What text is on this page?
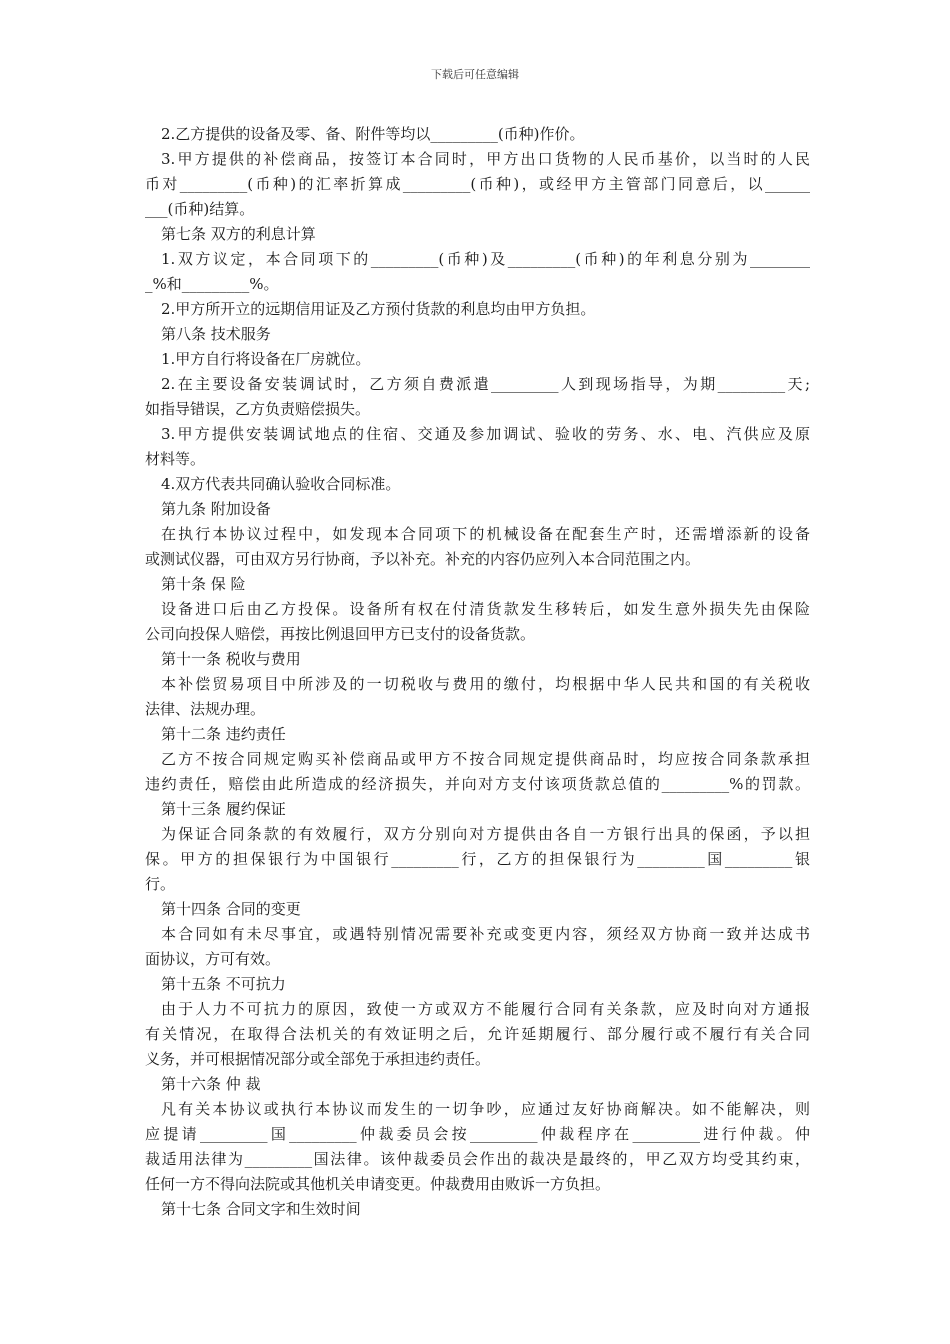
下载后可任意编辑
2.乙方提供的设备及零、备、附件等均以_________(币种)作价。
3.甲方提供的补偿商品，按签订本合同时，甲方出口货物的人民币基价，以当时的人民
币对_________(币种)的汇率折算成_________(币种)，或经甲方主管部门同意后，以______
___(币种)结算。
第七条 双方的利息计算
1.双方议定，本合同项下的_________(币种)及_________(币种)的年利息分别为________
_%和_________%。
2.甲方所开立的远期信用证及乙方预付货款的利息均由甲方负担。
第八条 技术服务
1.甲方自行将设备在厂房就位。
2.在主要设备安装调试时，乙方须自费派遣_________人到现场指导，为期_________天;
如指导错误，乙方负责赔偿损失。
3.甲方提供安装调试地点的住宿、交通及参加调试、验收的劳务、水、电、汽供应及原
材料等。
4.双方代表共同确认验收合同标准。
第九条 附加设备
在执行本协议过程中，如发现本合同项下的机械设备在配套生产时，还需增添新的设备
或测试仪器，可由双方另行协商，予以补充。补充的内容仍应列入本合同范围之内。
第十条 保 险
设备进口后由乙方投保。设备所有权在付清货款发生移转后，如发生意外损失先由保险
公司向投保人赔偿，再按比例退回甲方已支付的设备货款。
第十一条 税收与费用
本补偿贸易项目中所涉及的一切税收与费用的缴付，均根据中华人民共和国的有关税收
法律、法规办理。
第十二条 违约责任
乙方不按合同规定购买补偿商品或甲方不按合同规定提供商品时，均应按合同条款承担
违约责任，赔偿由此所造成的经济损失，并向对方支付该项货款总值的_________%的罚款。
第十三条 履约保证
为保证合同条款的有效履行，双方分别向对方提供由各自一方银行出具的保函，予以担
保。甲方的担保银行为中国银行_________行，乙方的担保银行为_________国_________银
行。
第十四条 合同的变更
本合同如有未尽事宜，或遇特别情况需要补充或变更内容，须经双方协商一致并达成书
面协议，方可有效。
第十五条 不可抗力
由于人力不可抗力的原因，致使一方或双方不能履行合同有关条款，应及时向对方通报
有关情况，在取得合法机关的有效证明之后，允许延期履行、部分履行或不履行有关合同
义务，并可根据情况部分或全部免于承担违约责任。
第十六条 仲 裁
凡有关本协议或执行本协议而发生的一切争吵，应通过友好协商解决。如不能解决，则
应提请_________国_________仲裁委员会按_________仲裁程序在_________进行仲裁。仲
裁适用法律为_________国法律。该仲裁委员会作出的裁决是最终的，甲乙双方均受其约束，
任何一方不得向法院或其他机关申请变更。仲裁费用由败诉一方负担。
第十七条 合同文字和生效时间
